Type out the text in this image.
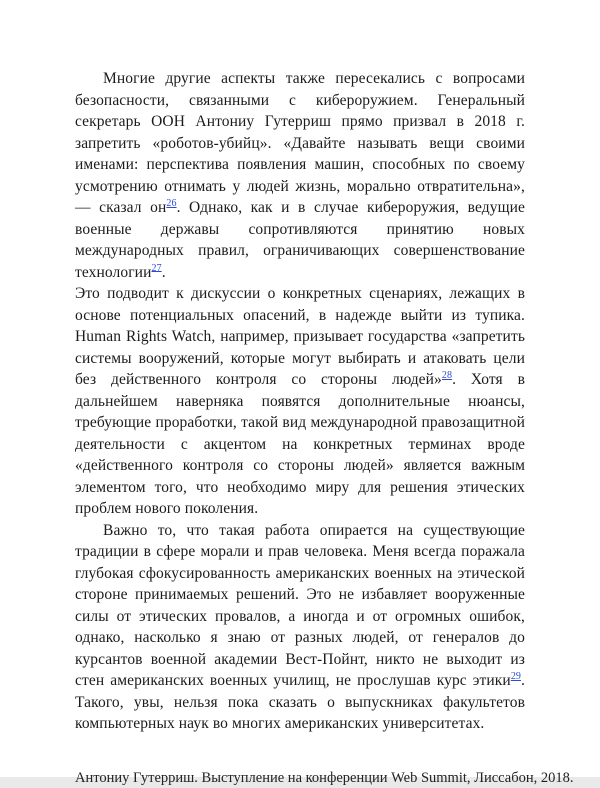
Многие другие аспекты также пересекались с вопросами безопасности, связанными с кибероружием. Генеральный секретарь ООН Антониу Гутерриш прямо призвал в 2018 г. запретить «роботов-убийц». «Давайте называть вещи своими именами: перспектива появления машин, способных по своему усмотрению отнимать у людей жизнь, морально отвратительна», — сказал он$^{26}$. Однако, как и в случае кибероружия, ведущие военные державы сопротивляются принятию новых международных правил, ограничивающих совершенствование технологии$^{27}$.

Это подводит к дискуссии о конкретных сценариях, лежащих в основе потенциальных опасений, в надежде выйти из тупика. Human Rights Watch, например, призывает государства «запретить системы вооружений, которые могут выбирать и атаковать цели без действенного контроля со стороны людей»$^{28}$. Хотя в дальнейшем наверняка появятся дополнительные нюансы, требующие проработки, такой вид международной правозащитной деятельности с акцентом на конкретных терминах вроде «действенного контроля со стороны людей» является важным элементом того, что необходимо миру для решения этических проблем нового поколения.

Важно то, что такая работа опирается на существующие традиции в сфере морали и прав человека. Меня всегда поражала глубокая сфокусированность американских военных на этической стороне принимаемых решений. Это не избавляет вооруженные силы от этических провалов, а иногда и от огромных ошибок, однако, насколько я знаю от разных людей, от генералов до курсантов военной академии Вест-Пойнт, никто не выходит из стен американских военных училищ, не прослушав курс этики$^{29}$. Такого, увы, нельзя пока сказать о выпускниках факультетов компьютерных наук во многих американских университетах.

Антониу Гутерриш. Выступление на конференции Web Summit, Лиссабон, 2018.
